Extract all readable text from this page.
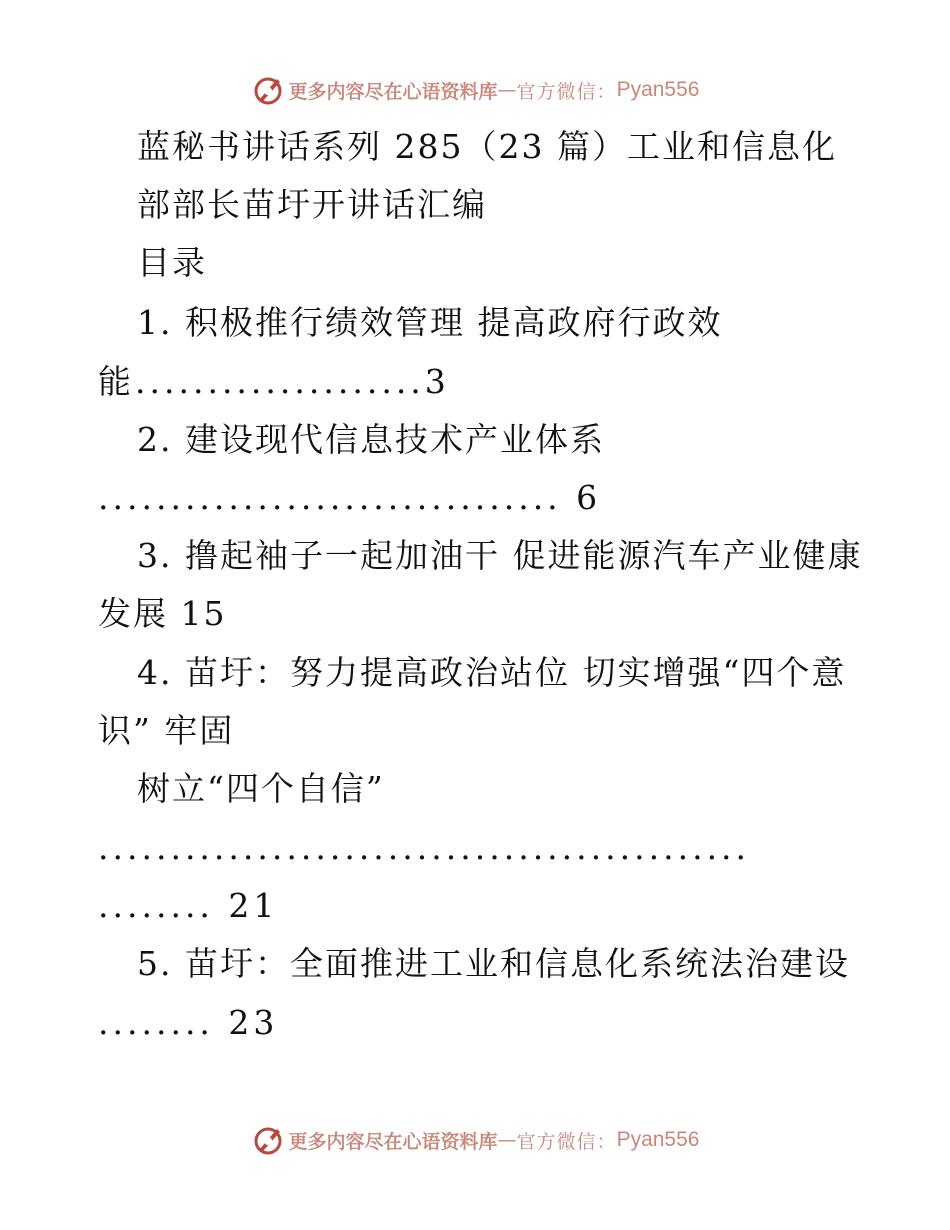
更多内容尽在心语资料库 — 官方微信： Pyan556
蓝秘书讲话系列 285（23 篇）工业和信息化
部部长苗圩开讲话汇编
目录
1. 积极推行绩效管理 提高政府行政效
能....................3
2. 建设现代信息技术产业体系
................................ 6
3. 撸起袖子一起加油干 促进能源汽车产业健康
发展 15
4. 苗圩：努力提高政治站位 切实增强“四个意
识” 牢固
树立“四个自信”
.............................................
........ 21
5. 苗圩：全面推进工业和信息化系统法治建设
........ 23
更多内容尽在心语资料库 — 官方微信： Pyan556
